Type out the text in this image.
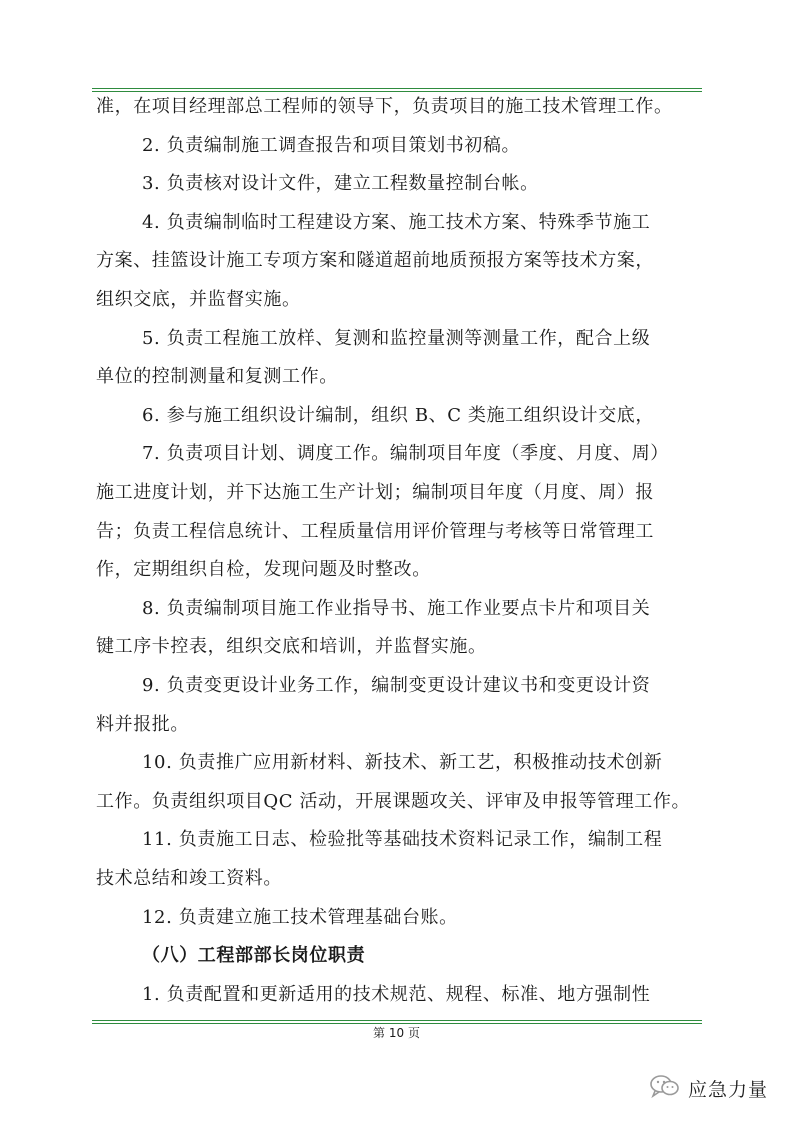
准，在项目经理部总工程师的领导下，负责项目的施工技术管理工作。
2. 负责编制施工调查报告和项目策划书初稿。
3. 负责核对设计文件，建立工程数量控制台帐。
4. 负责编制临时工程建设方案、施工技术方案、特殊季节施工
方案、挂篮设计施工专项方案和隧道超前地质预报方案等技术方案，
组织交底，并监督实施。
5. 负责工程施工放样、复测和监控量测等测量工作，配合上级
单位的控制测量和复测工作。
6. 参与施工组织设计编制，组织 B、C 类施工组织设计交底，
7. 负责项目计划、调度工作。编制项目年度（季度、月度、周）
施工进度计划，并下达施工生产计划；编制项目年度（月度、周）报
告；负责工程信息统计、工程质量信用评价管理与考核等日常管理工
作，定期组织自检，发现问题及时整改。
8. 负责编制项目施工作业指导书、施工作业要点卡片和项目关
键工序卡控表，组织交底和培训，并监督实施。
9. 负责变更设计业务工作，编制变更设计建议书和变更设计资
料并报批。
10. 负责推广应用新材料、新技术、新工艺，积极推动技术创新
工作。负责组织项目QC 活动，开展课题攻关、评审及申报等管理工作。
11. 负责施工日志、检验批等基础技术资料记录工作，编制工程
技术总结和竣工资料。
12. 负责建立施工技术管理基础台账。
（八）工程部部长岗位职责
1. 负责配置和更新适用的技术规范、规程、标准、地方强制性
第 10 页
应急力量
